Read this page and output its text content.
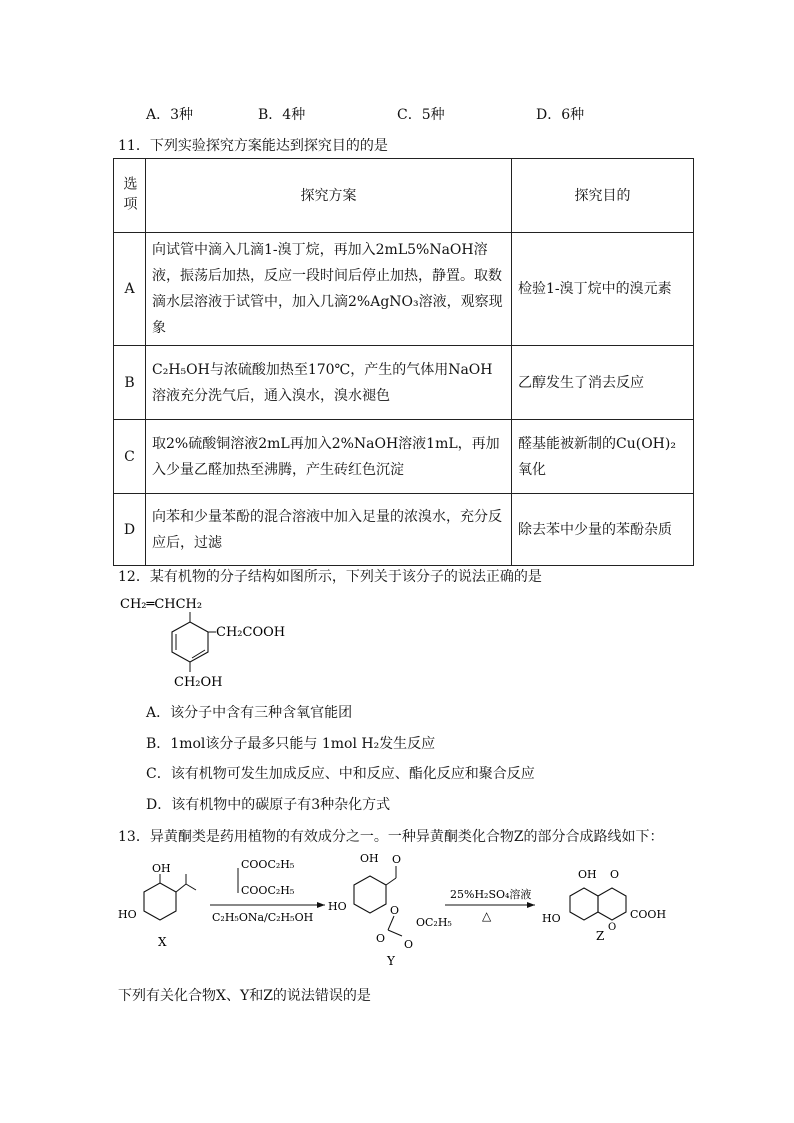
A．3种	B．4种	C．5种	D．6种
11．下列实验探究方案能达到探究目的的是
选项	探究方案	探究目的
A	向试管中滴入几滴1-溴丁烷，再加入2mL5%NaOH溶液，振荡后加热，反应一段时间后停止加热，静置。取数滴水层溶液于试管中，加入几滴2%AgNO₃溶液，观察现象	检验1-溴丁烷中的溴元素
B	C₂H₅OH与浓硫酸加热至170℃，产生的气体用NaOH溶液充分洗气后，通入溴水，溴水褪色	乙醇发生了消去反应
C	取2%硫酸铜溶液2mL再加入2%NaOH溶液1mL，再加入少量乙醛加热至沸腾，产生砖红色沉淀	醛基能被新制的Cu(OH)₂氧化
D	向苯和少量苯酚的混合溶液中加入足量的浓溴水，充分反应后，过滤	除去苯中少量的苯酚杂质
12．某有机物的分子结构如图所示，下列关于该分子的说法正确的是
CH₂═CHCH₂
CH₂COOH
CH₂OH
A．该分子中含有三种含氧官能团
B．1mol该分子最多只能与 1mol H₂发生反应
C．该有机物可发生加成反应、中和反应、酯化反应和聚合反应
D．该有机物中的碳原子有3种杂化方式
13．异黄酮类是药用植物的有效成分之一。一种异黄酮类化合物Z的部分合成路线如下：
OH
HO
X
COOC₂H₅
COOC₂H₅
C₂H₅ONa/C₂H₅OH
OH O
HO	O
O O
OC₂H₅
Y
25%H₂SO₄溶液
△
OH O
HO	COOH
O
Z
下列有关化合物X、Y和Z的说法错误的是
